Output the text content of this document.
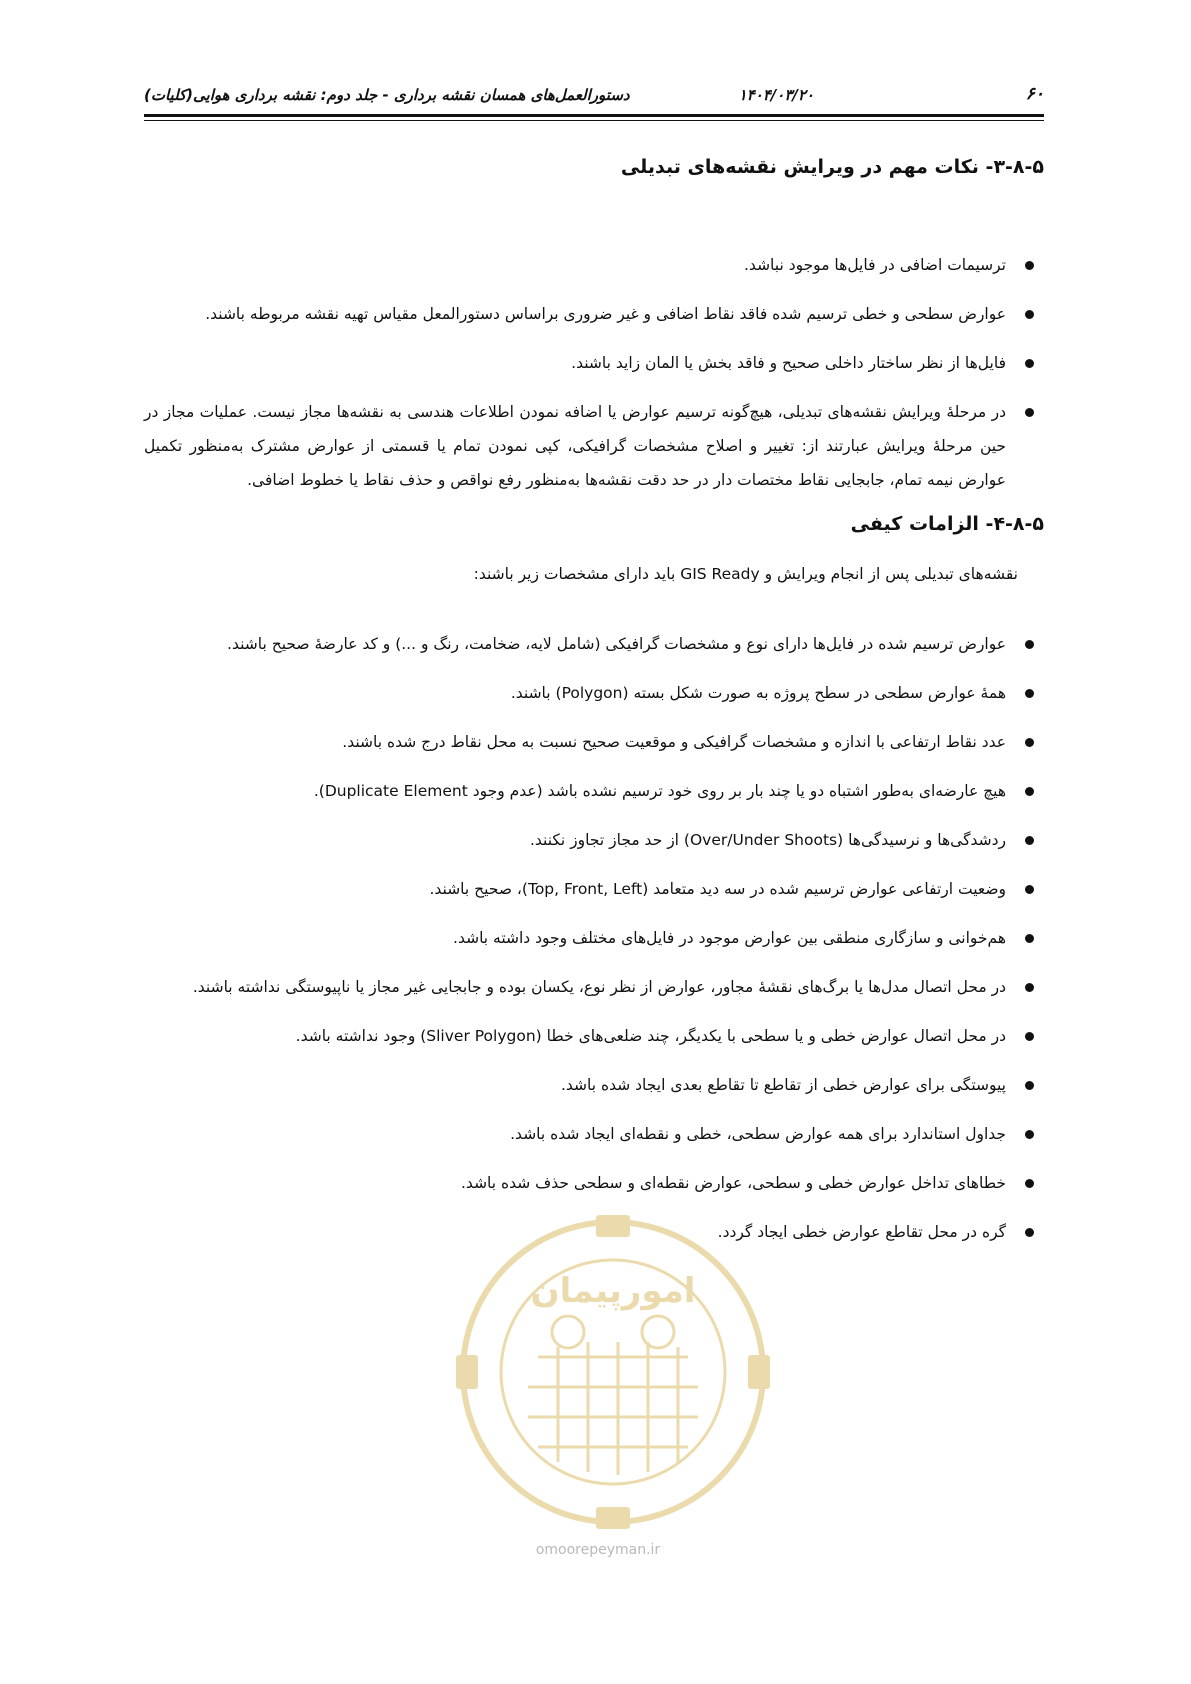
۶۰
۱۴۰۴/۰۳/۲۰
دستورالعمل‌های همسان نقشه برداری - جلد دوم: نقشه برداری هوایی(کلیات)
۳-۸-۵- نکات مهم در ویرایش نقشه‌های تبدیلی
ترسیمات اضافی در فایل‌ها موجود نباشد.
عوارض سطحی و خطی ترسیم شده فاقد نقاط اضافی و غیر ضروری براساس دستورالمعل مقیاس تهیه نقشه مربوطه باشند.
فایل‌ها از نظر ساختار داخلی صحیح و فاقد بخش یا المان زاید باشند.
در مرحلهٔ ویرایش نقشه‌های تبدیلی، هیچ‌گونه ترسیم عوارض یا اضافه نمودن اطلاعات هندسی به نقشه‌ها مجاز نیست. عملیات مجاز در حین مرحلهٔ ویرایش عبارتند از: تغییر و اصلاح مشخصات گرافیکی، کپی نمودن تمام یا قسمتی از عوارض مشترک به‌منظور تکمیل عوارض نیمه تمام، جابجایی نقاط مختصات دار در حد دقت نقشه‌ها به‌منظور رفع نواقص و حذف نقاط یا خطوط اضافی.
۴-۸-۵- الزامات کیفی

نقشه‌های تبدیلی پس از انجام ویرایش و GIS Ready باید دارای مشخصات زیر باشند:

عوارض ترسیم شده در فایل‌ها دارای نوع و مشخصات گرافیکی (شامل لایه، ضخامت، رنگ و ...) و کد عارضهٔ صحیح باشند.
همهٔ عوارض سطحی در سطح پروژه به صورت شکل بسته (Polygon) باشند.
عدد نقاط ارتفاعی با اندازه و مشخصات گرافیکی و موقعیت صحیح نسبت به محل نقاط درج شده باشند.
هیچ عارضه‌ای به‌طور اشتباه دو یا چند بار بر روی خود ترسیم نشده باشد (عدم وجود Duplicate Element).
ردشدگی‌ها و نرسیدگی‌ها (Over/Under Shoots) از حد مجاز تجاوز نکنند.
وضعیت ارتفاعی عوارض ترسیم شده در سه دید متعامد (Top, Front, Left)، صحیح باشند.
هم‌خوانی و سازگاری منطقی بین عوارض موجود در فایل‌های مختلف وجود داشته باشد.
در محل اتصال مدل‌ها یا برگ‌های نقشهٔ مجاور، عوارض از نظر نوع، یکسان بوده و جابجایی غیر مجاز یا ناپیوستگی نداشته باشند.
در محل اتصال عوارض خطی و یا سطحی با یکدیگر، چند ضلعی‌های خطا (Sliver Polygon) وجود نداشته باشد.
پیوستگی برای عوارض خطی از تقاطع تا تقاطع بعدی ایجاد شده باشد.
جداول استاندارد برای همه عوارض سطحی، خطی و نقطه‌ای ایجاد شده باشد.
خطاهای تداخل عوارض خطی و سطحی، عوارض نقطه‌ای و سطحی حذف شده باشد.
گره در محل تقاطع عوارض خطی ایجاد گردد.
امورپیمان
omoorepeyman.ir
